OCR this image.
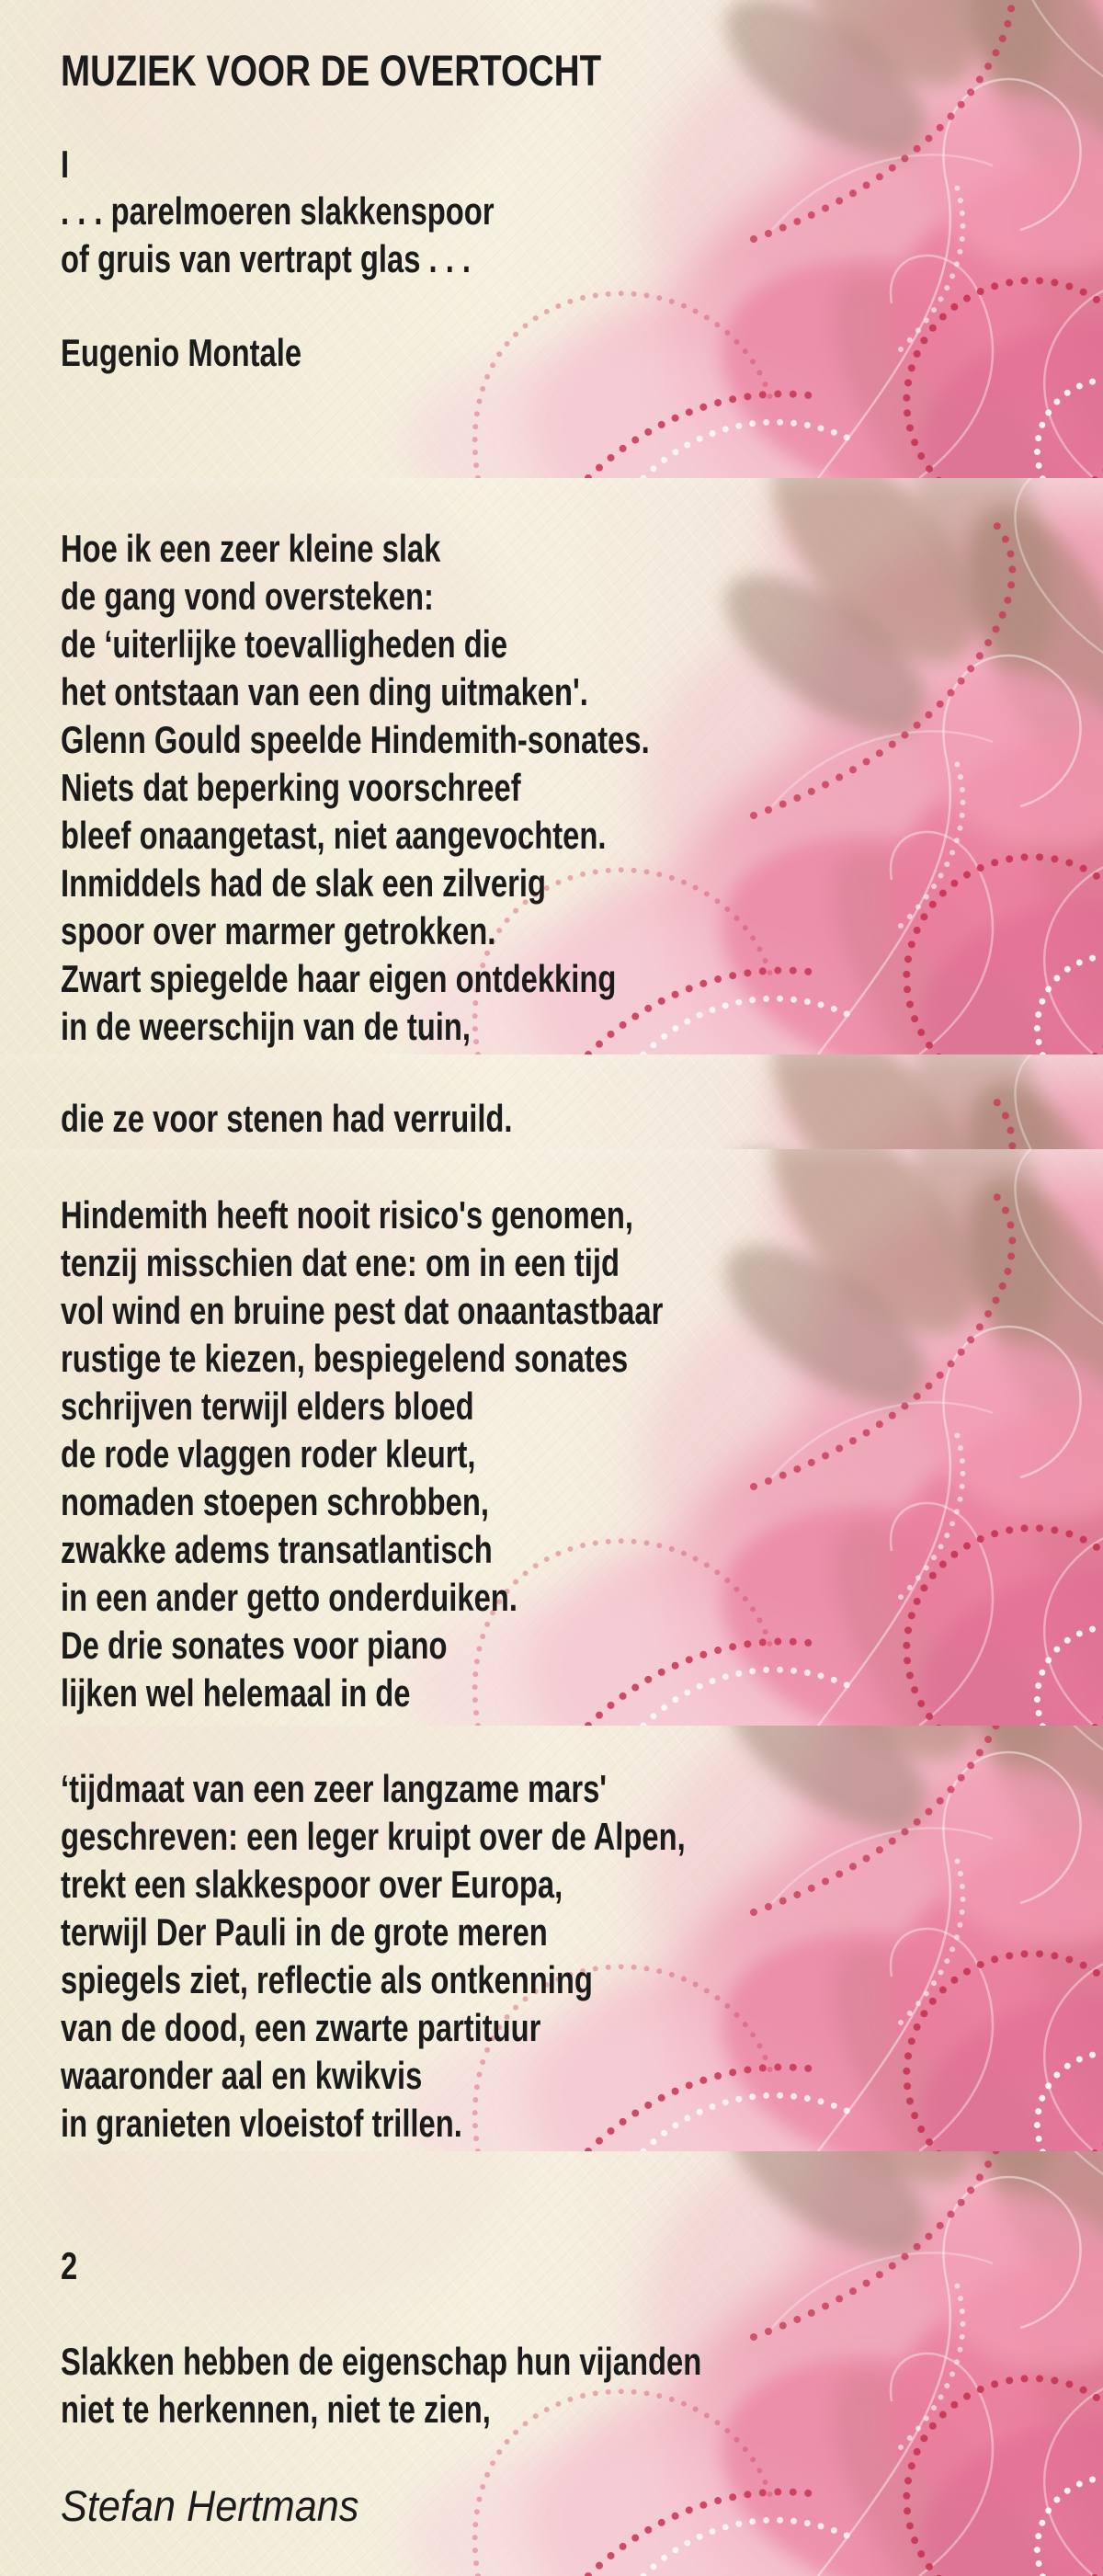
MUZIEK VOOR DE OVERTOCHT
I
. . . parelmoeren slakkenspoor
of gruis van vertrapt glas . . .
Eugenio Montale
Hoe ik een zeer kleine slak
de gang vond oversteken:
de ‘uiterlijke toevalligheden die
het ontstaan van een ding uitmaken'.
Glenn Gould speelde Hindemith-sonates.
Niets dat beperking voorschreef
bleef onaangetast, niet aangevochten.
Inmiddels had de slak een zilverig
spoor over marmer getrokken.
Zwart spiegelde haar eigen ontdekking
in de weerschijn van de tuin,
die ze voor stenen had verruild.
Hindemith heeft nooit risico's genomen,
tenzij misschien dat ene: om in een tijd
vol wind en bruine pest dat onaantastbaar
rustige te kiezen, bespiegelend sonates
schrijven terwijl elders bloed
de rode vlaggen roder kleurt,
nomaden stoepen schrobben,
zwakke adems transatlantisch
in een ander getto onderduiken.
De drie sonates voor piano
lijken wel helemaal in de
‘tijdmaat van een zeer langzame mars'
geschreven: een leger kruipt over de Alpen,
trekt een slakkespoor over Europa,
terwijl Der Pauli in de grote meren
spiegels ziet, reflectie als ontkenning
van de dood, een zwarte partituur
waaronder aal en kwikvis
in granieten vloeistof trillen.
2
Slakken hebben de eigenschap hun vijanden
niet te herkennen, niet te zien,
Stefan Hertmans
